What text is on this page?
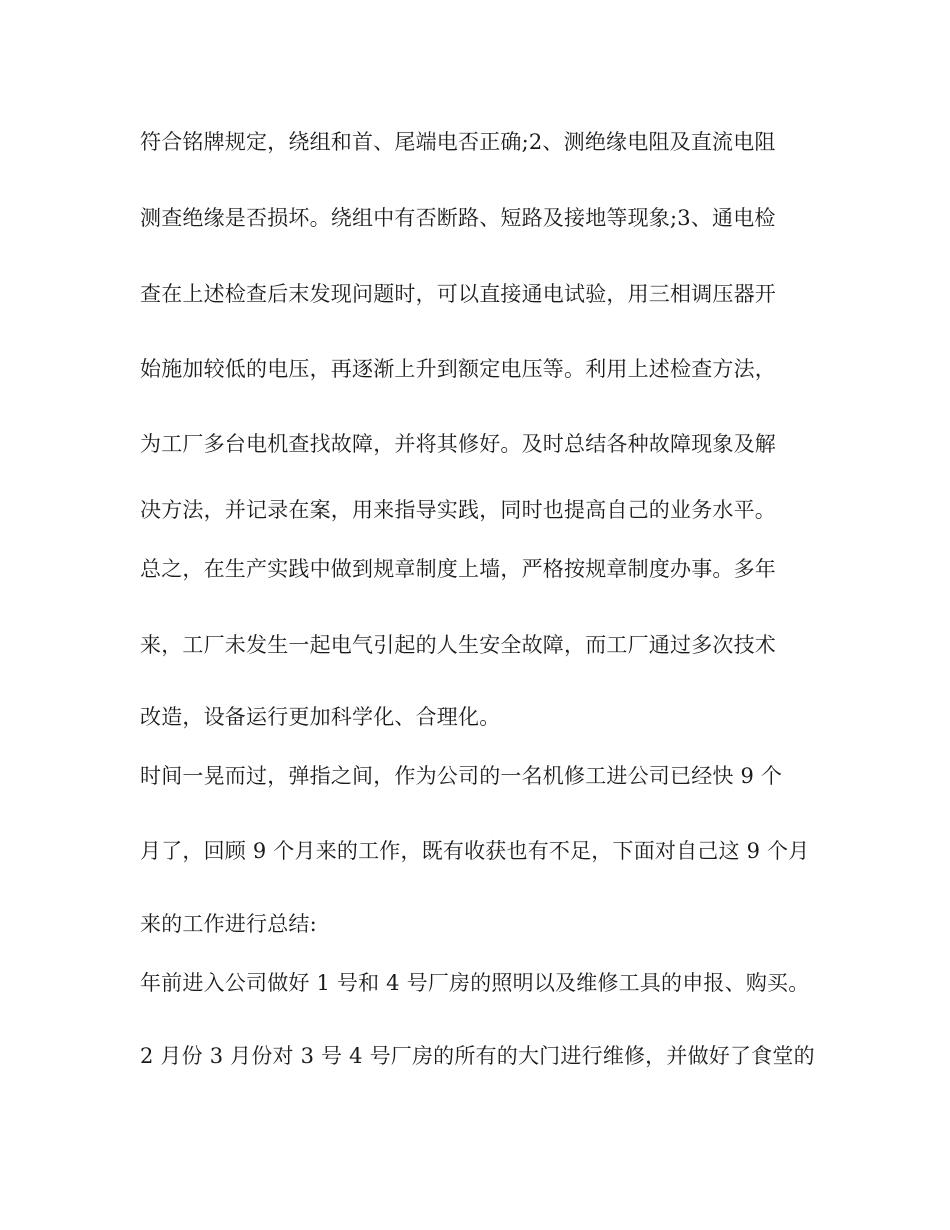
符合铭牌规定，绕组和首、尾端电否正确;2、测绝缘电阻及直流电阻

测查绝缘是否损坏。绕组中有否断路、短路及接地等现象;3、通电检

查在上述检查后末发现问题时，可以直接通电试验，用三相调压器开

始施加较低的电压，再逐渐上升到额定电压等。利用上述检查方法，

为工厂多台电机查找故障，并将其修好。及时总结各种故障现象及解

决方法，并记录在案，用来指导实践，同时也提高自己的业务水平。

总之，在生产实践中做到规章制度上墙，严格按规章制度办事。多年

来，工厂未发生一起电气引起的人生安全故障，而工厂通过多次技术

改造，设备运行更加科学化、合理化。

时间一晃而过，弹指之间，作为公司的一名机修工进公司已经快 9 个

月了，回顾 9 个月来的工作，既有收获也有不足，下面对自己这 9 个月

来的工作进行总结:

年前进入公司做好 1 号和 4 号厂房的照明以及维修工具的申报、购买。

2 月份 3 月份对 3 号 4 号厂房的所有的大门进行维修，并做好了食堂的
